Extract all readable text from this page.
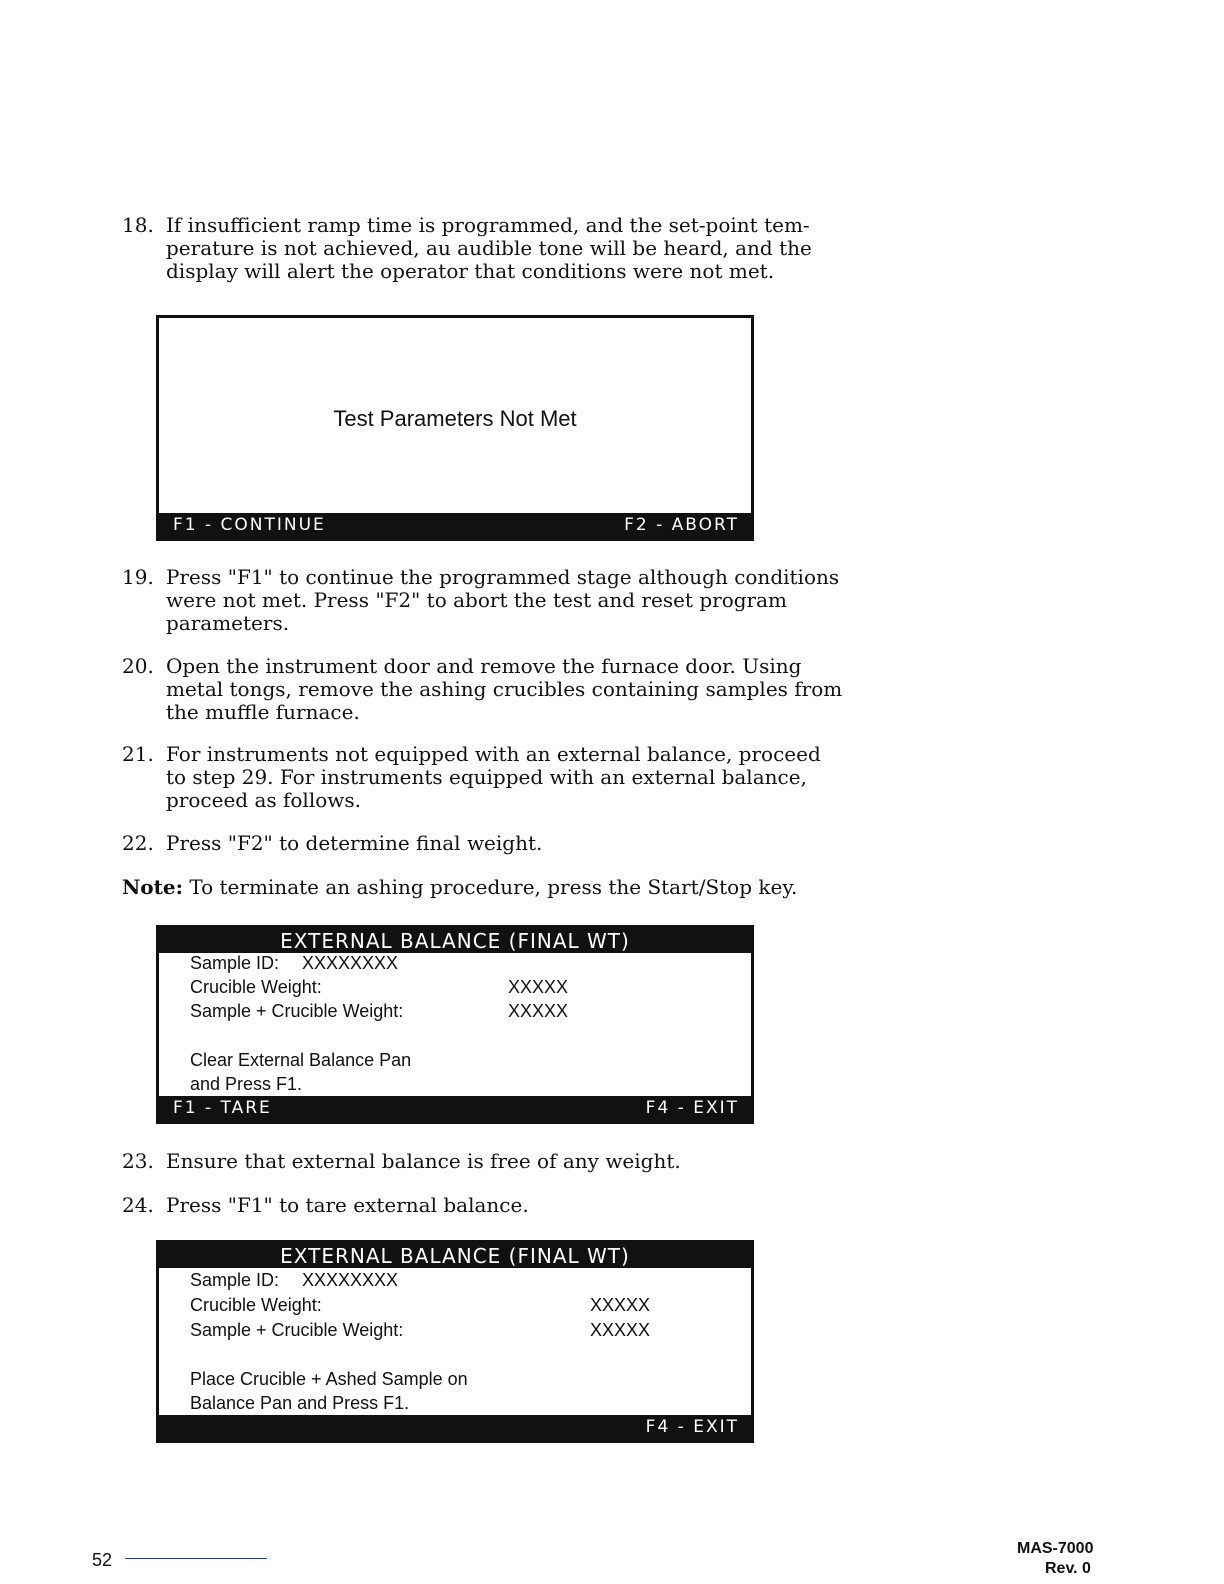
18. If insufficient ramp time is programmed, and the set-point tem-
perature is not achieved, au audible tone will be heard, and the
display will alert the operator that conditions were not met.
Test Parameters Not Met
F1 - CONTINUE	F2 - ABORT
19. Press "F1" to continue the programmed stage although conditions
were not met. Press "F2" to abort the test and reset program
parameters.
20. Open the instrument door and remove the furnace door. Using
metal tongs, remove the ashing crucibles containing samples from
the muffle furnace.
21. For instruments not equipped with an external balance, proceed
to step 29. For instruments equipped with an external balance,
proceed as follows.
22. Press "F2" to determine final weight.
Note: To terminate an ashing procedure, press the Start/Stop key.
EXTERNAL BALANCE (FINAL WT)
Sample ID: XXXXXXXX
Crucible Weight:	XXXXX
Sample + Crucible Weight:	XXXXX
Clear External Balance Pan
and Press F1.
F1 - TARE	F4 - EXIT
23. Ensure that external balance is free of any weight.
24. Press "F1" to tare external balance.
EXTERNAL BALANCE (FINAL WT)
Sample ID: XXXXXXXX
Crucible Weight:	XXXXX
Sample + Crucible Weight:	XXXXX
Place Crucible + Ashed Sample on
Balance Pan and Press F1.
F4 - EXIT
52
MAS-7000
Rev. 0
